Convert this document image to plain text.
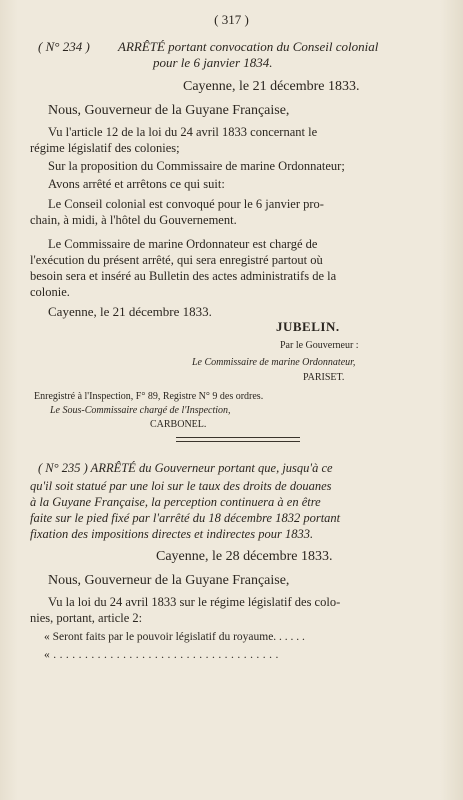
( 317 )
( N° 234 ) ARRÊTÉ portant convocation du Conseil colonial
pour le 6 janvier 1834.
Cayenne, le 21 décembre 1833.
Nous, Gouverneur de la Guyane Française,
Vu l'article 12 de la loi du 24 avril 1833 concernant le
régime législatif des colonies;
Sur la proposition du Commissaire de marine Ordonnateur;
Avons arrêté et arrêtons ce qui suit:
Le Conseil colonial est convoqué pour le 6 janvier pro-
chain, à midi, à l'hôtel du Gouvernement.
Le Commissaire de marine Ordonnateur est chargé de
l'exécution du présent arrêté, qui sera enregistré partout où
besoin sera et inséré au Bulletin des actes administratifs de la
colonie.
Cayenne, le 21 décembre 1833.
JUBELIN.
Par le Gouverneur :
Le Commissaire de marine Ordonnateur,
PARISET.
Enregistré à l'Inspection, F° 89, Registre N° 9 des ordres.
Le Sous-Commissaire chargé de l'Inspection,
CARBONEL.
( N° 235 ) ARRÊTÉ du Gouverneur portant que, jusqu'à ce
qu'il soit statué par une loi sur le taux des droits de douanes
à la Guyane Française, la perception continuera à en être
faite sur le pied fixé par l'arrêté du 18 décembre 1832 portant
fixation des impositions directes et indirectes pour 1833.
Cayenne, le 28 décembre 1833.
Nous, Gouverneur de la Guyane Française,
Vu la loi du 24 avril 1833 sur le régime législatif des colo-
nies, portant, article 2:
« Seront faits par le pouvoir législatif du royaume. . . . . .
« . . . . . . . . . . . . . . . . . . . . . . . . . . . . . . . . . . . .
